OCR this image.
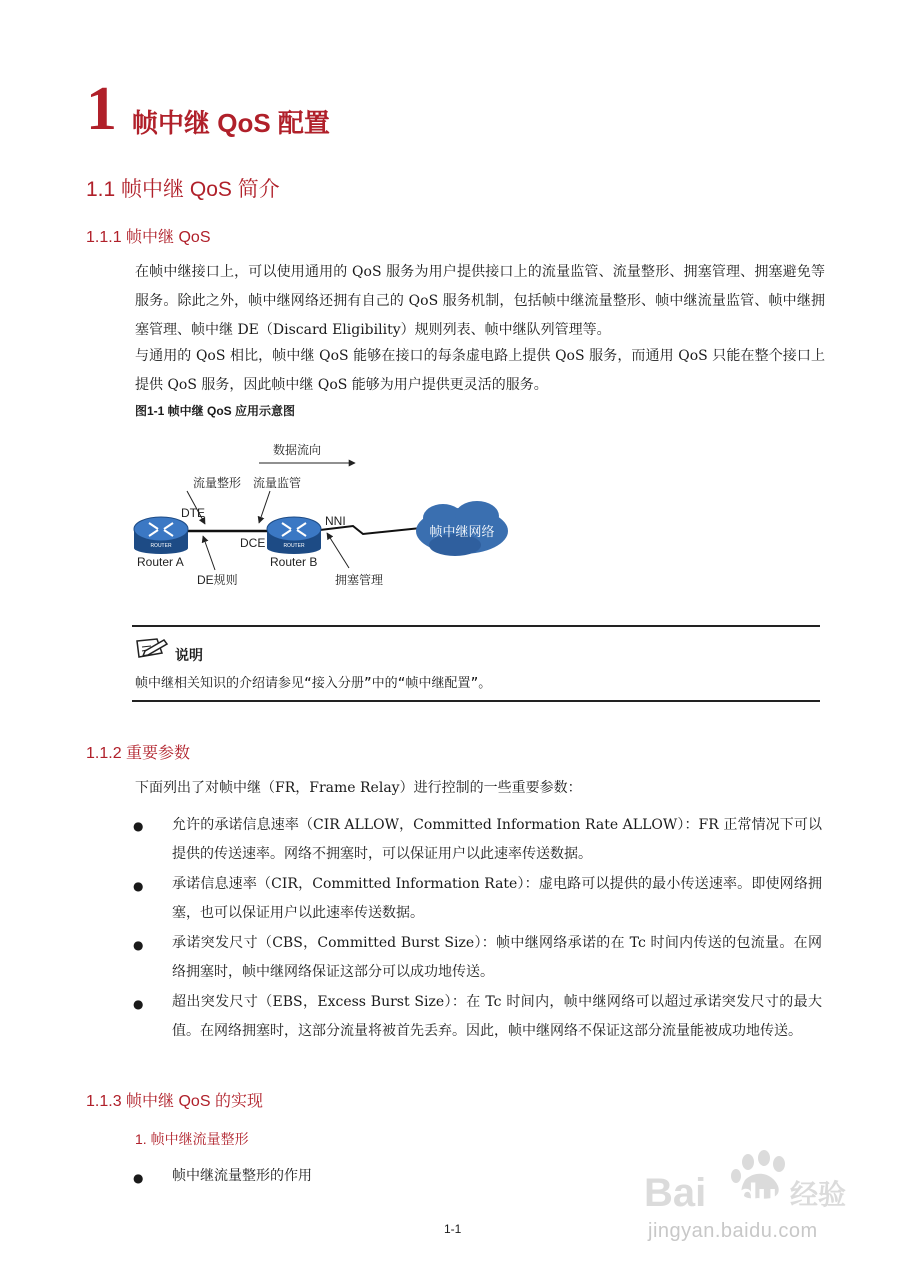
1 帧中继 QoS 配置
1.1 帧中继 QoS 简介
1.1.1 帧中继 QoS
在帧中继接口上，可以使用通用的 QoS 服务为用户提供接口上的流量监管、流量整形、拥塞管理、拥塞避免等服务。除此之外，帧中继网络还拥有自己的 QoS 服务机制，包括帧中继流量整形、帧中继流量监管、帧中继拥塞管理、帧中继 DE（Discard Eligibility）规则列表、帧中继队列管理等。
与通用的 QoS 相比，帧中继 QoS 能够在接口的每条虚电路上提供 QoS 服务，而通用 QoS 只能在整个接口上提供 QoS 服务，因此帧中继 QoS 能够为用户提供更灵活的服务。
图1-1 帧中继 QoS 应用示意图
数据流向
流量整形 流量监管
DTE
NNI
DCE
ROUTER	ROUTER
Router A	Router B
DE规则	拥塞管理
帧中继网络
说明
帧中继相关知识的介绍请参见“接入分册”中的“帧中继配置”。
1.1.2 重要参数
下面列出了对帧中继（FR，Frame Relay）进行控制的一些重要参数：
● 允许的承诺信息速率（CIR ALLOW，Committed Information Rate ALLOW）：FR 正常情况下可以提供的传送速率。网络不拥塞时，可以保证用户以此速率传送数据。
● 承诺信息速率（CIR，Committed Information Rate）：虚电路可以提供的最小传送速率。即使网络拥塞，也可以保证用户以此速率传送数据。
● 承诺突发尺寸（CBS，Committed Burst Size）：帧中继网络承诺的在 Tc 时间内传送的包流量。在网络拥塞时，帧中继网络保证这部分可以成功地传送。
● 超出突发尺寸（EBS，Excess Burst Size）：在 Tc 时间内，帧中继网络可以超过承诺突发尺寸的最大值。在网络拥塞时，这部分流量将被首先丢弃。因此，帧中继网络不保证这部分流量能被成功地传送。
1.1.3 帧中继 QoS 的实现
1. 帧中继流量整形
● 帧中继流量整形的作用
1-1
Bai du 经验
jingyan.baidu.com
